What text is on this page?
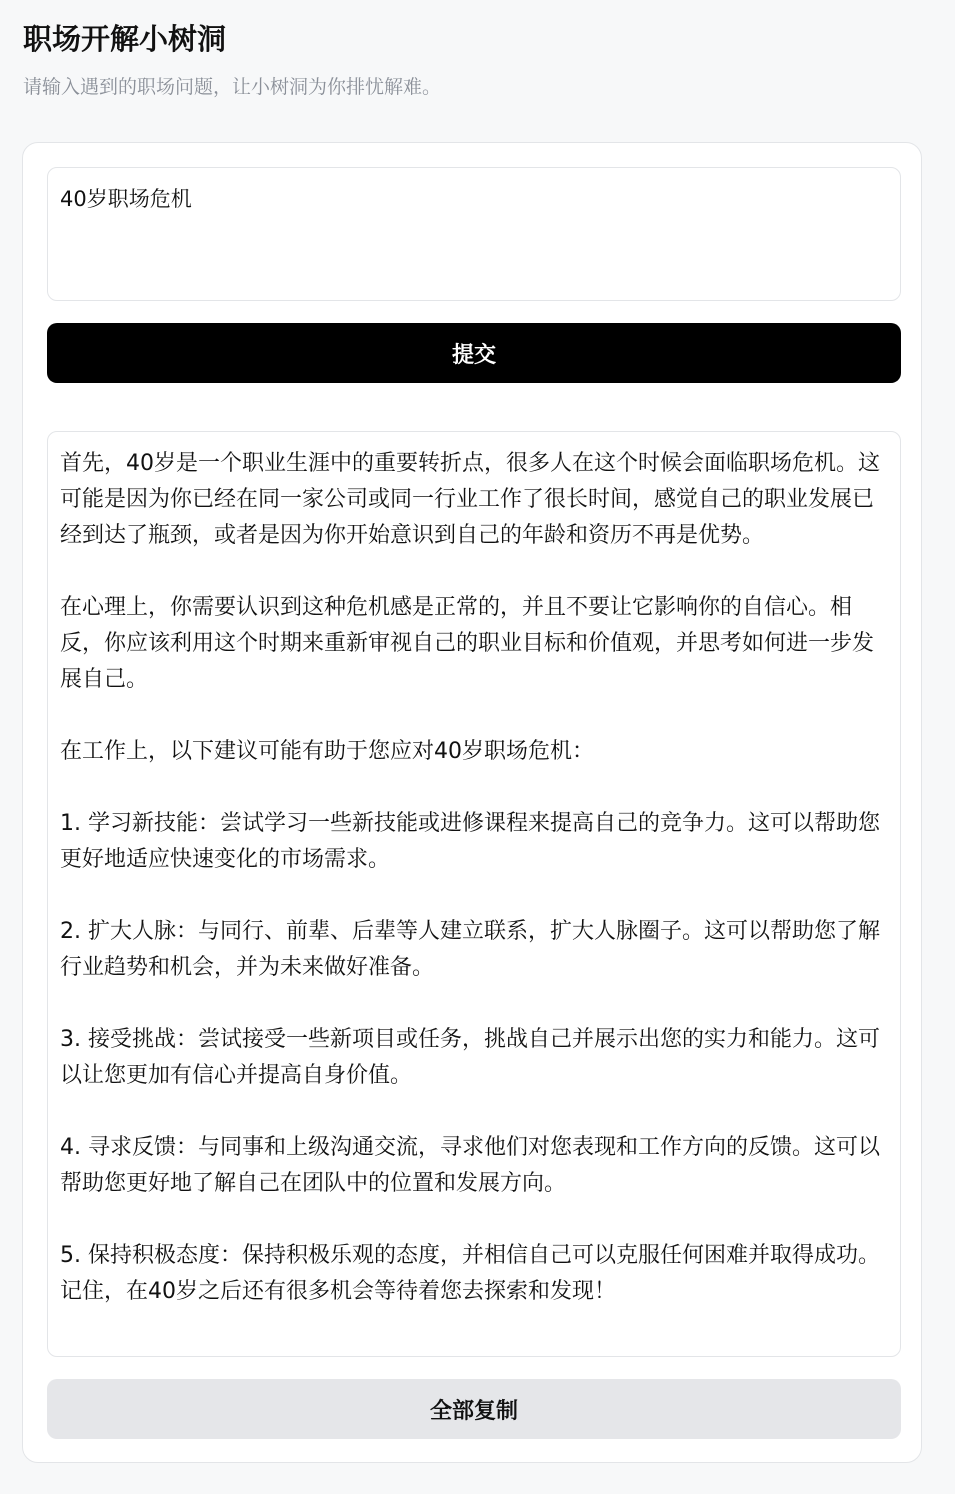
职场开解小树洞

请输入遇到的职场问题，让小树洞为你排忧解难。

40岁职场危机
提交

首先，40岁是一个职业生涯中的重要转折点，很多人在这个时候会面临职场危机。这可能是因为你已经在同一家公司或同一行业工作了很长时间，感觉自己的职业发展已经到达了瓶颈，或者是因为你开始意识到自己的年龄和资历不再是优势。

在心理上，你需要认识到这种危机感是正常的，并且不要让它影响你的自信心。相反，你应该利用这个时期来重新审视自己的职业目标和价值观，并思考如何进一步发展自己。

在工作上，以下建议可能有助于您应对40岁职场危机：

1. 学习新技能：尝试学习一些新技能或进修课程来提高自己的竞争力。这可以帮助您更好地适应快速变化的市场需求。

2. 扩大人脉：与同行、前辈、后辈等人建立联系，扩大人脉圈子。这可以帮助您了解行业趋势和机会，并为未来做好准备。

3. 接受挑战：尝试接受一些新项目或任务，挑战自己并展示出您的实力和能力。这可以让您更加有信心并提高自身价值。

4. 寻求反馈：与同事和上级沟通交流，寻求他们对您表现和工作方向的反馈。这可以帮助您更好地了解自己在团队中的位置和发展方向。

5. 保持积极态度：保持积极乐观的态度，并相信自己可以克服任何困难并取得成功。记住，在40岁之后还有很多机会等待着您去探索和发现！

全部复制
